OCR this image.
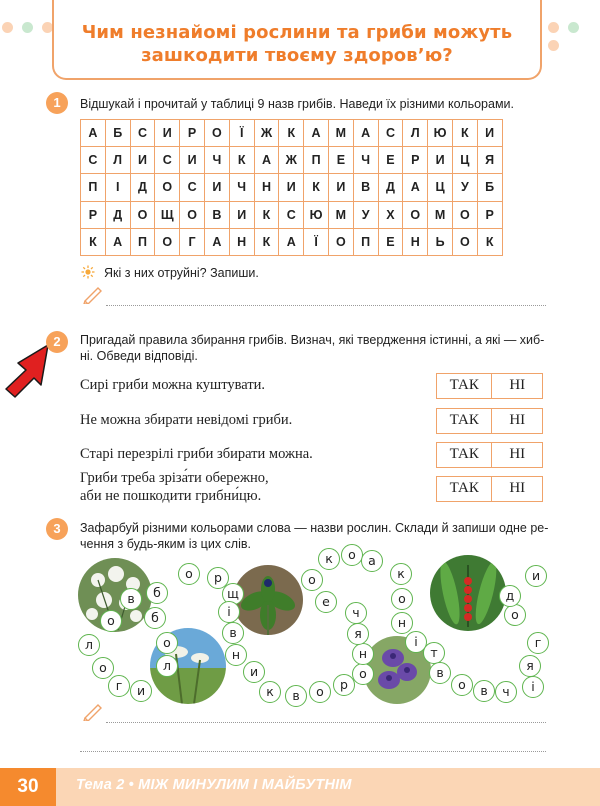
Чим незнайомі рослини та гриби можуть
зашкодити твоєму здоров’ю?
1	Відшукай і прочитай у таблиці 9 назв грибів. Наведи їх різними кольорами.
А	Б	С	И	Р	О	Ї	Ж	К	А	М	А	С	Л	Ю	К	И
С	Л	И	С	И	Ч	К	А	Ж	П	Е	Ч	Е	Р	И	Ц	Я
П	І	Д	О	С	И	Ч	Н	И	К	И	В	Д	А	Ц	У	Б
Р	Д	О	Щ	О	В	И	К	С	Ю	М	У	Х	О	М	О	Р
К	А	П	О	Г	А	Н	К	А	Ї	О	П	Е	Н	Ь	О	К
Які з них отруйні? Запиши.
2	Пригадай правила збирання грибів. Визнач, які твердження істинні, а які — хиб-
ні. Обведи відповіді.
Сирі гриби можна куштувати.	ТАК	НІ
Не можна збирати невідомі гриби.	ТАК	НІ
Старі перезрілі гриби збирати можна.	ТАК	НІ
Гриби треба зріза́ти обережно,
аби не пошкодити грибни́цю.	ТАК	НІ
3	Зафарбуй різними кольорами слова — назви рослин. Склади й запиши одне ре-
чення з будь-яким із цих слів.
б
о	р
щ
і
в
н
и
к	в	о	р
о
н
я
ч
е
о
к	о а
к
о
н
і
т
в
о	в	ч	і
я
г
о
д
и
б
о
л
и
г
о
л
о
в
30	Тема 2 • МІЖ МИНУЛИМ І МАЙБУТНІМ
